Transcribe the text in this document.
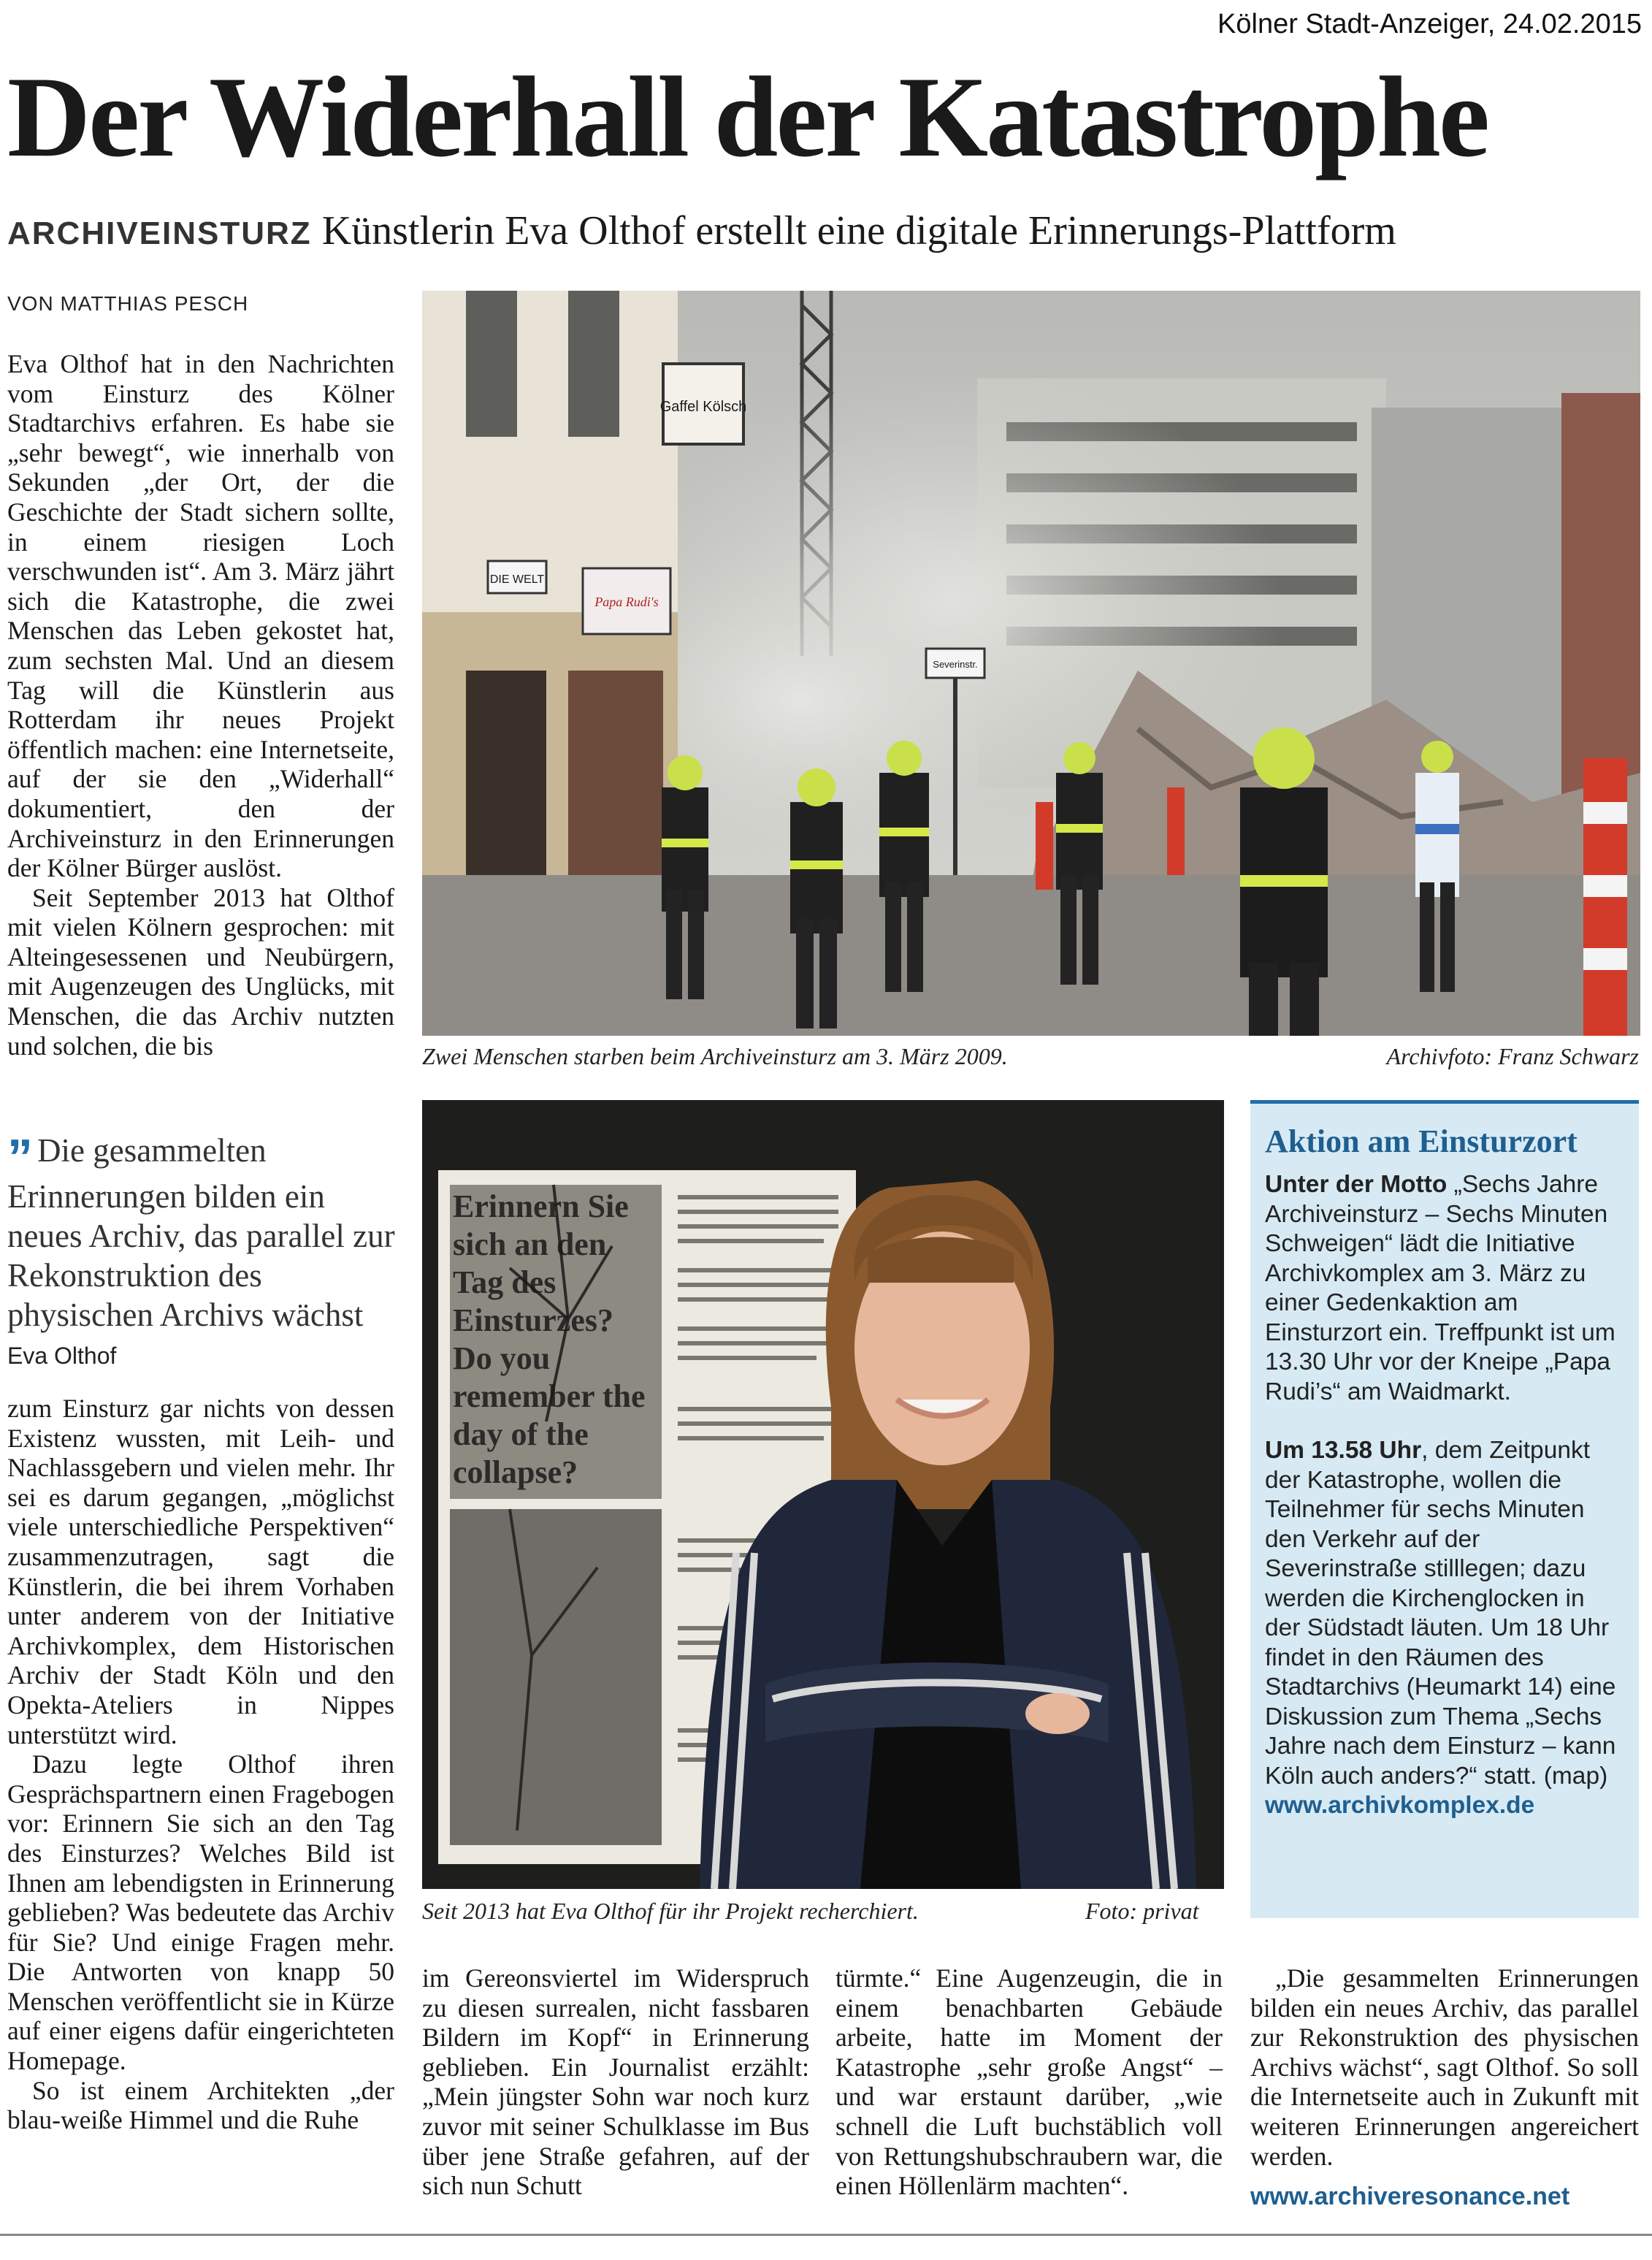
Kölner Stadt-Anzeiger, 24.02.2015
Der Widerhall der Katastrophe
ARCHIVEINSTURZ Künstlerin Eva Olthof erstellt eine digitale Erinnerungs-Plattform
VON MATTHIAS PESCH

Eva Olthof hat in den Nachrichten vom Einsturz des Kölner Stadtarchivs erfahren. Es habe sie „sehr bewegt“, wie innerhalb von Sekunden „der Ort, der die Geschichte der Stadt sichern sollte, in einem riesigen Loch verschwunden ist“. Am 3. März jährt sich die Katastrophe, die zwei Menschen das Leben gekostet hat, zum sechsten Mal. Und an diesem Tag will die Künstlerin aus Rotterdam ihr neues Projekt öffentlich machen: eine Internetseite, auf der sie den „Widerhall“ dokumentiert, den der Archiveinsturz in den Erinnerungen der Kölner Bürger auslöst.

Seit September 2013 hat Olthof mit vielen Kölnern gesprochen: mit Alteingesessenen und Neubürgern, mit Augenzeugen des Unglücks, mit Menschen, die das Archiv nutzten und solchen, die bis

” Die gesammelten Erinnerungen bilden ein neues Archiv, das parallel zur Rekonstruktion des physischen Archivs wächst
Eva Olthof

zum Einsturz gar nichts von dessen Existenz wussten, mit Leih- und Nachlassgebern und vielen mehr. Ihr sei es darum gegangen, „möglichst viele unterschiedliche Perspektiven“ zusammenzutragen, sagt die Künstlerin, die bei ihrem Vorhaben unter anderem von der Initiative Archivkomplex, dem Historischen Archiv der Stadt Köln und den Opekta-Ateliers in Nippes unterstützt wird.

Dazu legte Olthof ihren Gesprächspartnern einen Fragebogen vor: Erinnern Sie sich an den Tag des Einsturzes? Welches Bild ist Ihnen am lebendigsten in Erinnerung geblieben? Was bedeutete das Archiv für Sie? Und einige Fragen mehr. Die Antworten von knapp 50 Menschen veröffentlicht sie in Kürze auf einer eigens dafür eingerichteten Homepage.

So ist einem Architekten „der blau-weiße Himmel und die Ruhe

Gaffel Kölsch
DIE WELT
Papa Rudi's
Severinstr.
Zwei Menschen starben beim Archiveinsturz am 3. März 2009.	Archivfoto: Franz Schwarz
Erinnern Sie sich an den Tag des Einsturzes? Do you remember the day of the collapse?
Seit 2013 hat Eva Olthof für ihr Projekt recherchiert.	Foto: privat
Aktion am Einsturzort

Unter der Motto „Sechs Jahre Archiveinsturz – Sechs Minuten Schweigen“ lädt die Initiative Archivkomplex am 3. März zu einer Gedenkaktion am Einsturzort ein. Treffpunkt ist um 13.30 Uhr vor der Kneipe „Papa Rudi’s“ am Waidmarkt.

Um 13.58 Uhr, dem Zeitpunkt der Katastrophe, wollen die Teilnehmer für sechs Minuten den Verkehr auf der Severinstraße stilllegen; dazu werden die Kirchenglocken in der Südstadt läuten. Um 18 Uhr findet in den Räumen des Stadtarchivs (Heumarkt 14) eine Diskussion zum Thema „Sechs Jahre nach dem Einsturz – kann Köln auch anders?“ statt. (map)

www.archivkomplex.de

im Gereonsviertel im Widerspruch zu diesen surrealen, nicht fassbaren Bildern im Kopf“ in Erinnerung geblieben. Ein Journalist erzählt: „Mein jüngster Sohn war noch kurz zuvor mit seiner Schulklasse im Bus über jene Straße gefahren, auf der sich nun Schutt

türmte.“ Eine Augenzeugin, die in einem benachbarten Gebäude arbeite, hatte im Moment der Katastrophe „sehr große Angst“ – und war erstaunt darüber, „wie schnell die Luft buchstäblich voll von Rettungshubschraubern war, die einen Höllenlärm machten“.

„Die gesammelten Erinnerungen bilden ein neues Archiv, das parallel zur Rekonstruktion des physischen Archivs wächst“, sagt Olthof. So soll die Internetseite auch in Zukunft mit weiteren Erinnerungen angereichert werden.

www.archiveresonance.net
